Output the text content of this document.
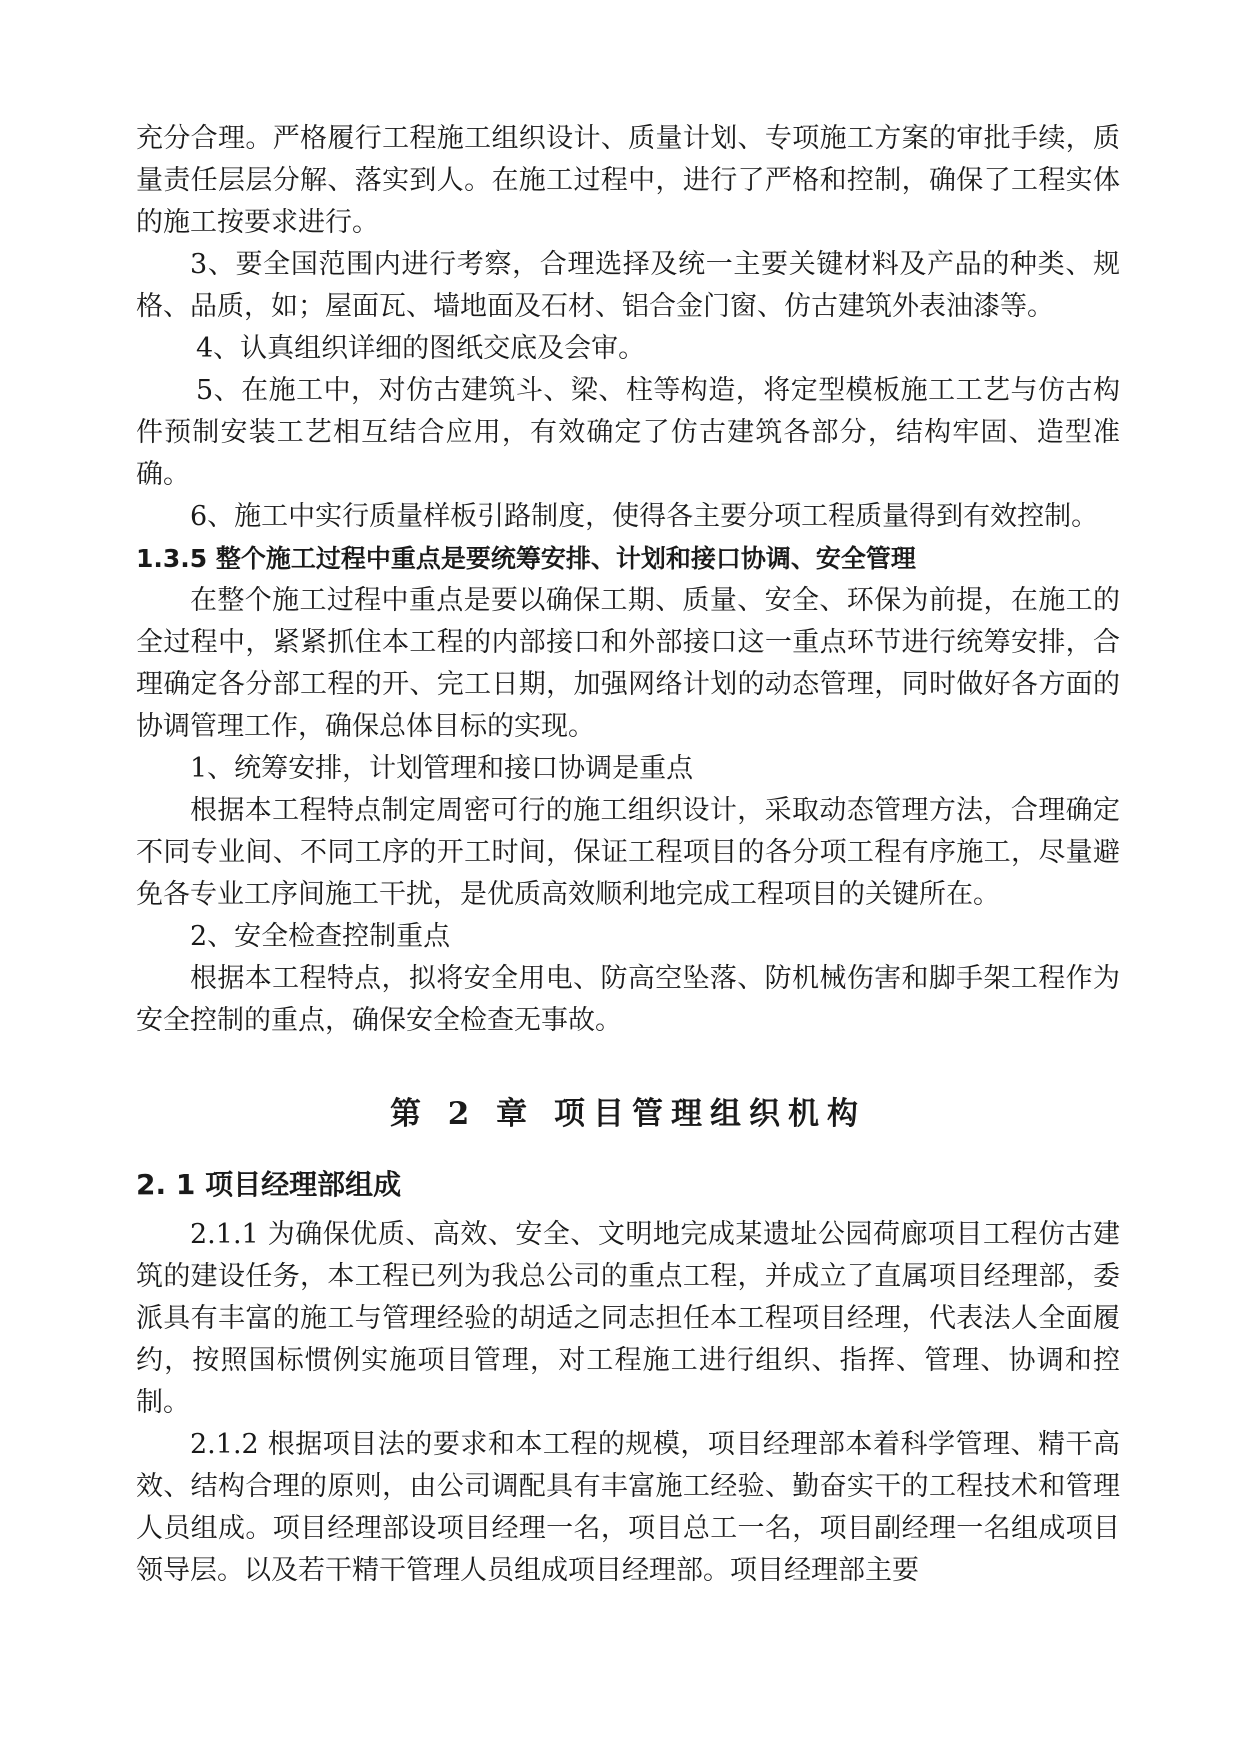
充分合理。严格履行工程施工组织设计、质量计划、专项施工方案的审批手续，质量责任层层分解、落实到人。在施工过程中，进行了严格和控制，确保了工程实体的施工按要求进行。

3、要全国范围内进行考察，合理选择及统一主要关键材料及产品的种类、规格、品质，如；屋面瓦、墙地面及石材、铝合金门窗、仿古建筑外表油漆等。

4、认真组织详细的图纸交底及会审。

5、在施工中，对仿古建筑斗、梁、柱等构造，将定型模板施工工艺与仿古构件预制安装工艺相互结合应用，有效确定了仿古建筑各部分，结构牢固、造型准确。

6、施工中实行质量样板引路制度，使得各主要分项工程质量得到有效控制。

1.3.5 整个施工过程中重点是要统筹安排、计划和接口协调、安全管理

在整个施工过程中重点是要以确保工期、质量、安全、环保为前提，在施工的全过程中，紧紧抓住本工程的内部接口和外部接口这一重点环节进行统筹安排，合理确定各分部工程的开、完工日期，加强网络计划的动态管理，同时做好各方面的协调管理工作，确保总体目标的实现。

1、统筹安排，计划管理和接口协调是重点

根据本工程特点制定周密可行的施工组织设计，采取动态管理方法，合理确定不同专业间、不同工序的开工时间，保证工程项目的各分项工程有序施工，尽量避免各专业工序间施工干扰，是优质高效顺利地完成工程项目的关键所在。

2、安全检查控制重点

根据本工程特点，拟将安全用电、防高空坠落、防机械伤害和脚手架工程作为安全控制的重点，确保安全检查无事故。

第 2 章 项目管理组织机构
2. 1 项目经理部组成

2.1.1 为确保优质、高效、安全、文明地完成某遗址公园荷廊项目工程仿古建筑的建设任务，本工程已列为我总公司的重点工程，并成立了直属项目经理部，委派具有丰富的施工与管理经验的胡适之同志担任本工程项目经理，代表法人全面履约，按照国标惯例实施项目管理，对工程施工进行组织、指挥、管理、协调和控制。

2.1.2 根据项目法的要求和本工程的规模，项目经理部本着科学管理、精干高效、结构合理的原则，由公司调配具有丰富施工经验、勤奋实干的工程技术和管理人员组成。项目经理部设项目经理一名，项目总工一名，项目副经理一名组成项目领导层。以及若干精干管理人员组成项目经理部。项目经理部主要
